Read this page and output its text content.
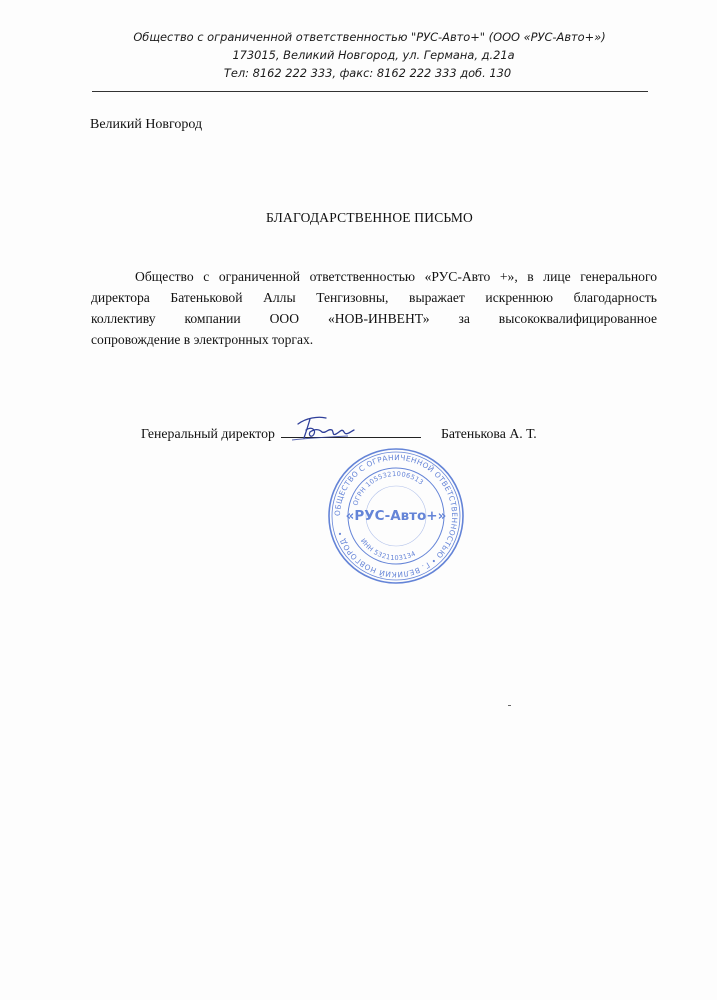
Общество с ограниченной ответственностью "РУС-Авто+" (ООО «РУС-Авто+»)
173015, Великий Новгород, ул. Германа, д.21а
Тел: 8162 222 333, факс: 8162 222 333 доб. 130
Великий Новгород
БЛАГОДАРСТВЕННОЕ ПИСЬМО
Общество с ограниченной ответственностью «РУС-Авто +», в лице генерального
директора Батеньковой Аллы Тенгизовны, выражает искреннюю благодарность
коллективу компании ООО «НОВ-ИНВЕНТ» за высококвалифицированное
сопровождение в электронных торгах.
Генеральный директор	Батенькова А. Т.
ОБЩЕСТВО С ОГРАНИЧЕННОЙ ОТВЕТСТВЕННОСТЬЮ • Г. ВЕЛИКИЙ НОВГОРОД •
ОГРН 1055321006513
ИНН 5321103134
«РУС-Авто+»
